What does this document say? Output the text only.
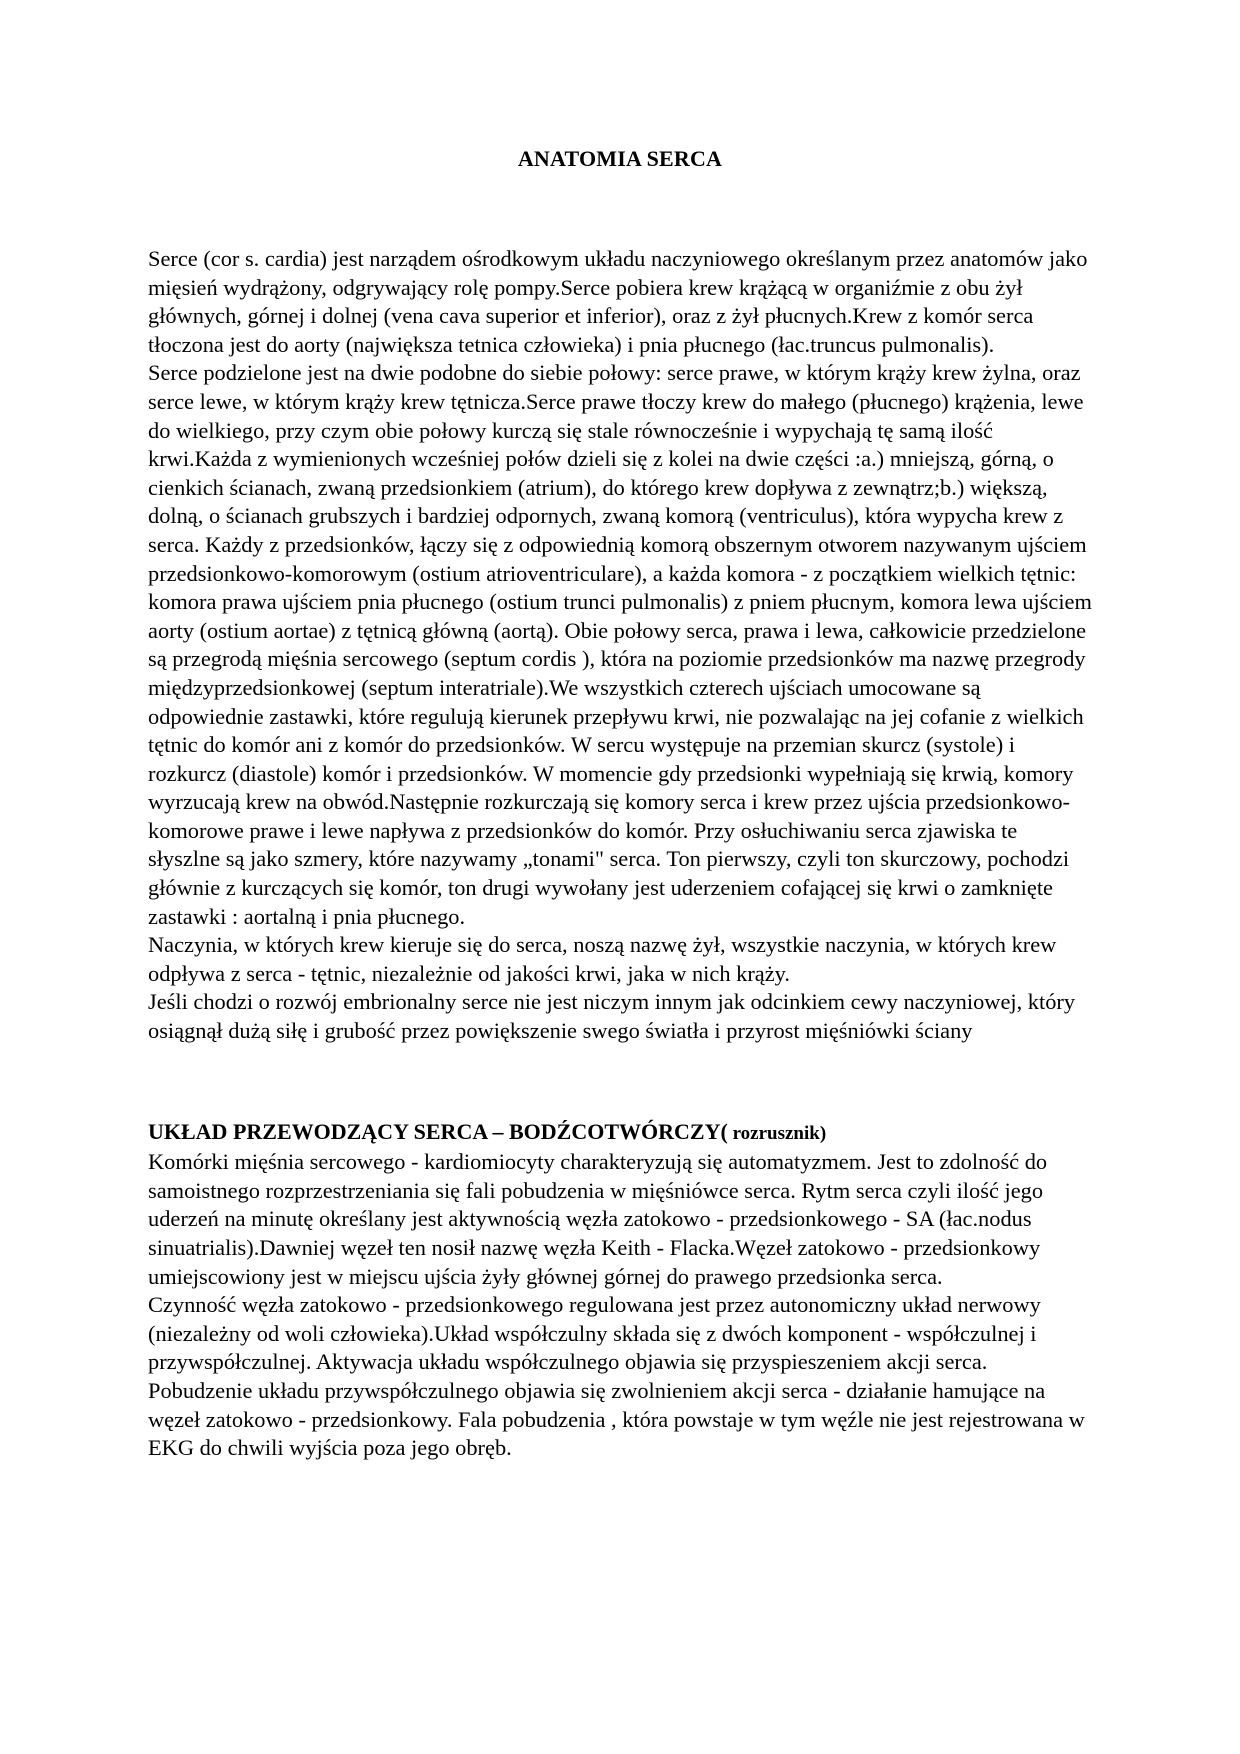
ANATOMIA SERCA

Serce (cor s. cardia) jest narządem ośrodkowym układu naczyniowego określanym przez anatomów jako mięsień wydrążony, odgrywający rolę pompy.Serce pobiera krew krążącą w organiźmie z obu żył głównych, górnej i dolnej (vena cava superior et inferior), oraz z żył płucnych.Krew z komór serca tłoczona jest do aorty (największa tetnica człowieka) i pnia płucnego (łac.truncus pulmonalis).

Serce podzielone jest na dwie podobne do siebie połowy: serce prawe, w którym krąży krew żylna, oraz serce lewe, w którym krąży krew tętnicza.Serce prawe tłoczy krew do małego (płucnego) krążenia, lewe do wielkiego, przy czym obie połowy kurczą się stale równocześnie i wypychają tę samą ilość krwi.Każda z wymienionych wcześniej połów dzieli się z kolei na dwie części :a.) mniejszą, górną, o cienkich ścianach, zwaną przedsionkiem (atrium), do którego krew dopływa z zewnątrz;b.) większą, dolną, o ścianach grubszych i bardziej odpornych, zwaną komorą (ventriculus), która wypycha krew z serca. Każdy z przedsionków, łączy się z odpowiednią komorą obszernym otworem nazywanym ujściem przedsionkowo-komorowym (ostium atrioventriculare), a każda komora - z początkiem wielkich tętnic: komora prawa ujściem pnia płucnego (ostium trunci pulmonalis) z pniem płucnym, komora lewa ujściem aorty (ostium aortae) z tętnicą główną (aortą). Obie połowy serca, prawa i lewa, całkowicie przedzielone są przegrodą mięśnia sercowego (septum cordis ), która na poziomie przedsionków ma nazwę przegrody międzyprzedsionkowej (septum interatriale).We wszystkich czterech ujściach umocowane są odpowiednie zastawki, które regulują kierunek przepływu krwi, nie pozwalając na jej cofanie z wielkich tętnic do komór ani z komór do przedsionków. W sercu występuje na przemian skurcz (systole) i rozkurcz (diastole) komór i przedsionków. W momencie gdy przedsionki wypełniają się krwią, komory wyrzucają krew na obwód.Następnie rozkurczają się komory serca i krew przez ujścia przedsionkowo-komorowe prawe i lewe napływa z przedsionków do komór. Przy osłuchiwaniu serca zjawiska te słyszlne są jako szmery, które nazywamy „tonami" serca. Ton pierwszy, czyli ton skurczowy, pochodzi głównie z kurczących się komór, ton drugi wywołany jest uderzeniem cofającej się krwi o zamknięte zastawki : aortalną i pnia płucnego.

Naczynia, w których krew kieruje się do serca, noszą nazwę żył, wszystkie naczynia, w których krew odpływa z serca - tętnic, niezależnie od jakości krwi, jaka w nich krąży.

Jeśli chodzi o rozwój embrionalny serce nie jest niczym innym jak odcinkiem cewy naczyniowej, który osiągnął dużą siłę i grubość przez powiększenie swego światła i przyrost mięśniówki ściany

UKŁAD PRZEWODZĄCY SERCA – BODŹCOTWÓRCZY( rozrusznik)

Komórki mięśnia sercowego - kardiomiocyty charakteryzują się automatyzmem. Jest to zdolność do samoistnego rozprzestrzeniania się fali pobudzenia w mięśniówce serca. Rytm serca czyli ilość jego uderzeń na minutę określany jest aktywnością węzła zatokowo - przedsionkowego - SA (łac.nodus sinuatrialis).Dawniej węzeł ten nosił nazwę węzła Keith - Flacka.Węzeł zatokowo - przedsionkowy umiejscowiony jest w miejscu ujścia żyły głównej górnej do prawego przedsionka serca.

Czynność węzła zatokowo - przedsionkowego regulowana jest przez autonomiczny układ nerwowy (niezależny od woli człowieka).Układ współczulny składa się z dwóch komponent - współczulnej i przywspółczulnej. Aktywacja układu współczulnego objawia się przyspieszeniem akcji serca. Pobudzenie układu przywspółczulnego objawia się zwolnieniem akcji serca - działanie hamujące na węzeł zatokowo - przedsionkowy. Fala pobudzenia , która powstaje w tym węźle nie jest rejestrowana w EKG do chwili wyjścia poza jego obręb.
